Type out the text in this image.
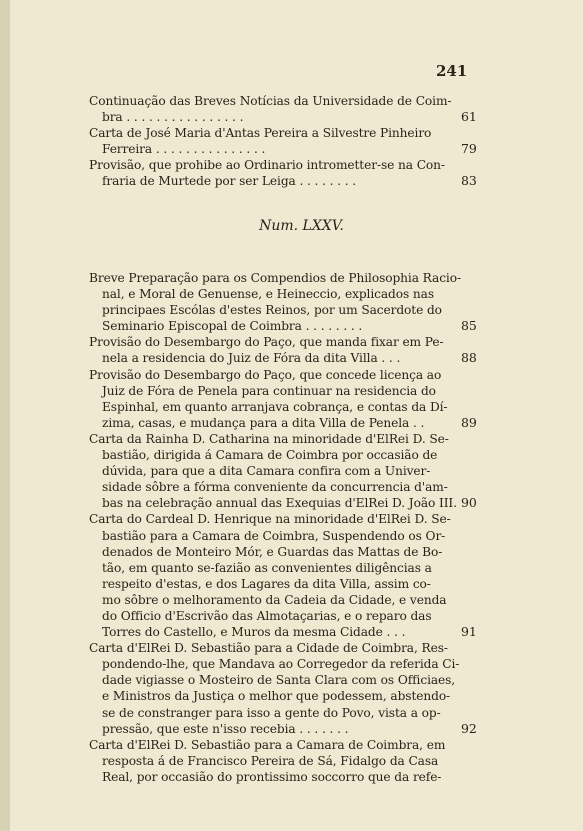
241
Continuação das Breves Notícias da Universidade de Coim-
bra . . . . . . . . . . . . . . . .	61
Carta de José Maria d'Antas Pereira a Silvestre Pinheiro
Ferreira . . . . . . . . . . . . . . .	79
Provisão, que prohibe ao Ordinario intrometter-se na Con-
fraria de Murtede por ser Leiga . . . . . . . .	83
Num. LXXV.
Breve Preparação para os Compendios de Philosophia Racio-
nal, e Moral de Genuense, e Heineccio, explicados nas
principaes Escólas d'estes Reinos, por um Sacerdote do
Seminario Episcopal de Coimbra . . . . . . . .	85
Provisão do Desembargo do Paço, que manda fixar em Pe-
nela a residencia do Juiz de Fóra da dita Villa . . .	88
Provisão do Desembargo do Paço, que concede licença ao
Juiz de Fóra de Penela para continuar na residencia do
Espinhal, em quanto arranjava cobrança, e contas da Dí-
zima, casas, e mudança para a dita Villa de Penela . .	89
Carta da Rainha D. Catharina na minoridade d'ElRei D. Se-
bastião, dirigida á Camara de Coimbra por occasião de
dúvida, para que a dita Camara confira com a Univer-
sidade sôbre a fórma conveniente da concurrencia d'am-
bas na celebração annual das Exequias d'ElRei D. João III. 90
Carta do Cardeal D. Henrique na minoridade d'ElRei D. Se-
bastião para a Camara de Coimbra, Suspendendo os Or-
denados de Monteiro Mór, e Guardas das Mattas de Bo-
tão, em quanto se-fazião as convenientes diligências a
respeito d'estas, e dos Lagares da dita Villa, assim co-
mo sôbre o melhoramento da Cadeia da Cidade, e venda
do Officio d'Escrivão das Almotaçarias, e o reparo das
Torres do Castello, e Muros da mesma Cidade . . .	91
Carta d'ElRei D. Sebastião para a Cidade de Coimbra, Res-
pondendo-lhe, que Mandava ao Corregedor da referida Ci-
dade vigiasse o Mosteiro de Santa Clara com os Officiaes,
e Ministros da Justiça o melhor que podessem, abstendo-
se de constranger para isso a gente do Povo, vista a op-
pressão, que este n'isso recebia . . . . . . .	92
Carta d'ElRei D. Sebastião para a Camara de Coimbra, em
resposta á de Francisco Pereira de Sá, Fidalgo da Casa
Real, por occasião do prontissimo soccorro que da refe-
